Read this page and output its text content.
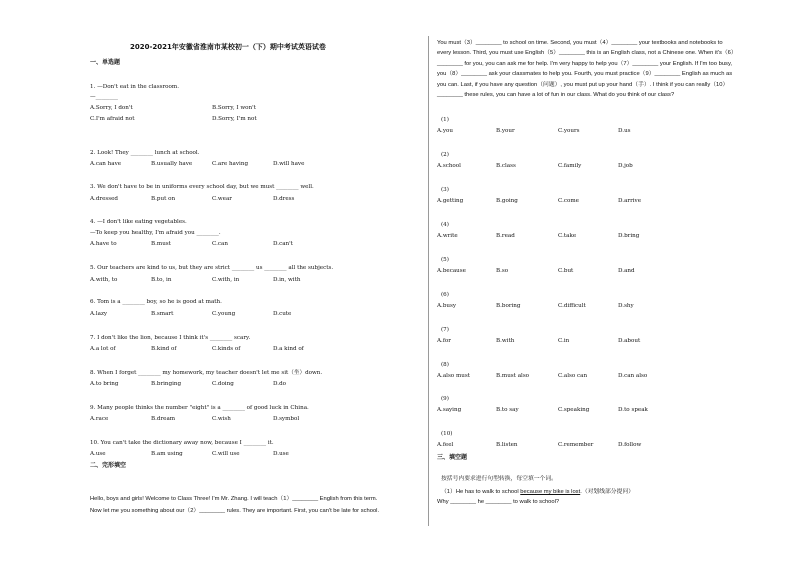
2020-2021年安徽省淮南市某校初一（下）期中考试英语试卷
一、单选题
1. —Don't eat in the classroom.
—________
A.Sorry, I don't	B.Sorry, I won't
C.I'm afraid not	D.Sorry, I'm not
2. Look! They ________ lunch at school.
A.can have	B.usually have	C.are having	D.will have
3. We don't have to be in uniforms every school day, but we must ________ well.
A.dressed	B.put on	C.wear	D.dress
4. —I don't like eating vegetables.
—To keep you healthy, I'm afraid you ________.
A.have to	B.must	C.can	D.can't
5. Our teachers are kind to us, but they are strict ________ us ________ all the subjects.
A.with, to	B.to, in	C.with, in	D.in, with
6. Tom is a ________ boy, so he is good at math.
A.lazy	B.smart	C.young	D.cute
7. I don't like the lion, because I think it's ________ scary.
A.a lot of	B.kind of	C.kinds of	D.a kind of
8. When I forget ________ my homework, my teacher doesn't let me sit（坐）down.
A.to bring	B.bringing	C.doing	D.do
9. Many people thinks the number "eight" is a ________ of good luck in China.
A.race	B.dream	C.wish	D.symbol
10. You can't take the dictionary away now, because I ________ it.
A.use	B.am using	C.will use	D.use
二、完形填空
Hello, boys and girls! Welcome to Class Three! I'm Mr. Zhang. I will teach（1）________ English from this term.
Now let me you something about our（2）________ rules. They are important. First, you can't be late for school.
You must（3）________ to school on time. Second, you must（4）________ your textbooks and notebooks to
every lesson. Third, you must use English（5）________ this is an English class, not a Chinese one. When it's（6）
________ for you, you can ask me for help. I'm very happy to help you（7）________ your English. If I'm too busy,
you（8）________ ask your classmates to help you. Fourth, you must practice（9）________ English as much as
you can. Last, if you have any question（问题）, you must put up your hand（手）. I think if you can really（10）
________ these rules, you can have a lot of fun in our class. What do you think of our class?
(1)
A.you	B.your	C.yours	D.us
(2)
A.school	B.class	C.family	D.job
(3)
A.getting	B.going	C.come	D.arrive
(4)
A.write	B.read	C.take	D.bring
(5)
A.because	B.so	C.but	D.and
(6)
A.busy	B.boring	C.difficult	D.shy
(7)
A.for	B.with	C.in	D.about
(8)
A.also must	B.must also	C.also can	D.can also
(9)
A.saying	B.to say	C.speaking	D.to speak
(10)
A.feel	B.listen	C.remember	D.follow
三、填空题
按括号内要求进行句型转换，每空填一个词。
（1）He has to walk to school because my bike is lost.（对划线部分提问）
Why ________ he ________ to walk to school?
